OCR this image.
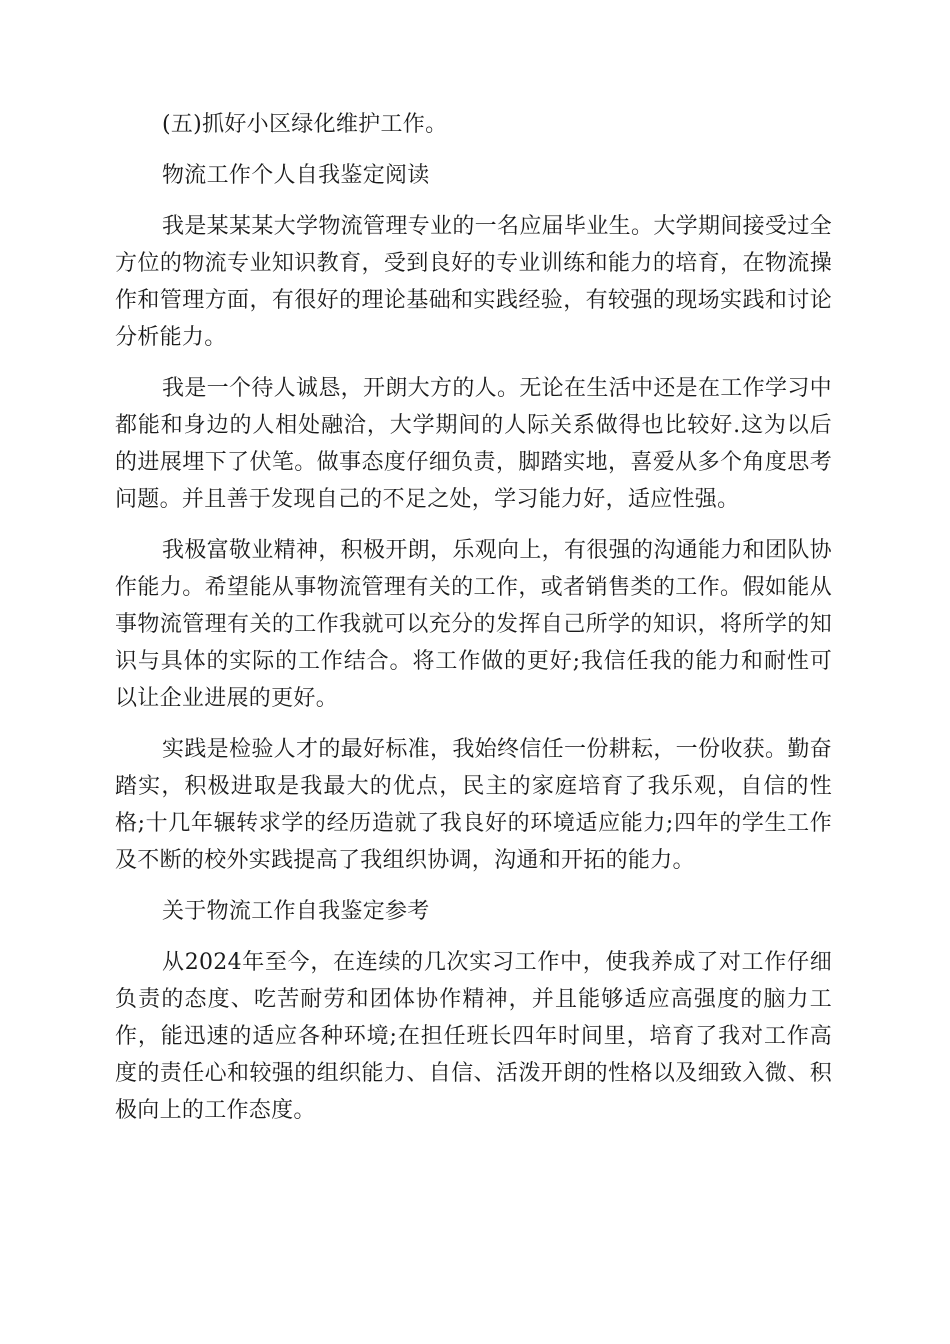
(五)抓好小区绿化维护工作。

物流工作个人自我鉴定阅读

我是某某某大学物流管理专业的一名应届毕业生。大学期间接受过全方位的物流专业知识教育，受到良好的专业训练和能力的培育，在物流操作和管理方面，有很好的理论基础和实践经验，有较强的现场实践和讨论分析能力。

我是一个待人诚恳，开朗大方的人。无论在生活中还是在工作学习中都能和身边的人相处融洽，大学期间的人际关系做得也比较好.这为以后的进展埋下了伏笔。做事态度仔细负责，脚踏实地，喜爱从多个角度思考问题。并且善于发现自己的不足之处，学习能力好，适应性强。

我极富敬业精神，积极开朗，乐观向上，有很强的沟通能力和团队协作能力。希望能从事物流管理有关的工作，或者销售类的工作。假如能从事物流管理有关的工作我就可以充分的发挥自己所学的知识，将所学的知识与具体的实际的工作结合。将工作做的更好;我信任我的能力和耐性可以让企业进展的更好。

实践是检验人才的最好标准，我始终信任一份耕耘，一份收获。勤奋踏实，积极进取是我最大的优点，民主的家庭培育了我乐观，自信的性格;十几年辗转求学的经历造就了我良好的环境适应能力;四年的学生工作及不断的校外实践提高了我组织协调，沟通和开拓的能力。

关于物流工作自我鉴定参考

从2024年至今，在连续的几次实习工作中，使我养成了对工作仔细负责的态度、吃苦耐劳和团体协作精神，并且能够适应高强度的脑力工作，能迅速的适应各种环境;在担任班长四年时间里，培育了我对工作高度的责任心和较强的组织能力、自信、活泼开朗的性格以及细致入微、积极向上的工作态度。
